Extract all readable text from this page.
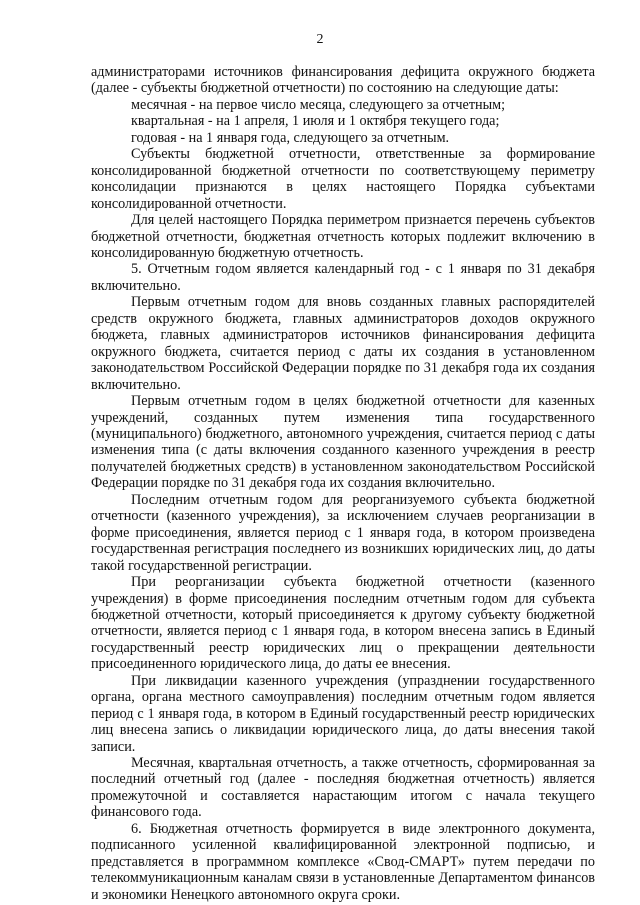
2

администраторами источников финансирования дефицита окружного бюджета (далее - субъекты бюджетной отчетности) по состоянию на следующие даты:

месячная - на первое число месяца, следующего за отчетным;

квартальная - на 1 апреля, 1 июля и 1 октября текущего года;

годовая - на 1 января года, следующего за отчетным.

Субъекты бюджетной отчетности, ответственные за формирование консолидированной бюджетной отчетности по соответствующему периметру консолидации признаются в целях настоящего Порядка субъектами консолидированной отчетности.

Для целей настоящего Порядка периметром признается перечень субъектов бюджетной отчетности, бюджетная отчетность которых подлежит включению в консолидированную бюджетную отчетность.

5. Отчетным годом является календарный год - с 1 января по 31 декабря включительно.

Первым отчетным годом для вновь созданных главных распорядителей средств окружного бюджета, главных администраторов доходов окружного бюджета, главных администраторов источников финансирования дефицита окружного бюджета, считается период с даты их создания в установленном законодательством Российской Федерации порядке по 31 декабря года их создания включительно.

Первым отчетным годом в целях бюджетной отчетности для казенных учреждений, созданных путем изменения типа государственного (муниципального) бюджетного, автономного учреждения, считается период с даты изменения типа (с даты включения созданного казенного учреждения в реестр получателей бюджетных средств) в установленном законодательством Российской Федерации порядке по 31 декабря года их создания включительно.

Последним отчетным годом для реорганизуемого субъекта бюджетной отчетности (казенного учреждения), за исключением случаев реорганизации в форме присоединения, является период с 1 января года, в котором произведена государственная регистрация последнего из возникших юридических лиц, до даты такой государственной регистрации.

При реорганизации субъекта бюджетной отчетности (казенного учреждения) в форме присоединения последним отчетным годом для субъекта бюджетной отчетности, который присоединяется к другому субъекту бюджетной отчетности, является период с 1 января года, в котором внесена запись в Единый государственный реестр юридических лиц о прекращении деятельности присоединенного юридического лица, до даты ее внесения.

При ликвидации казенного учреждения (упразднении государственного органа, органа местного самоуправления) последним отчетным годом является период с 1 января года, в котором в Единый государственный реестр юридических лиц внесена запись о ликвидации юридического лица, до даты внесения такой записи.

Месячная, квартальная отчетность, а также отчетность, сформированная за последний отчетный год (далее - последняя бюджетная отчетность) является промежуточной и составляется нарастающим итогом с начала текущего финансового года.

6. Бюджетная отчетность формируется в виде электронного документа, подписанного усиленной квалифицированной электронной подписью, и представляется в программном комплексе «Свод-СМАРТ» путем передачи по телекоммуникационным каналам связи в установленные Департаментом финансов и экономики Ненецкого автономного округа сроки.
